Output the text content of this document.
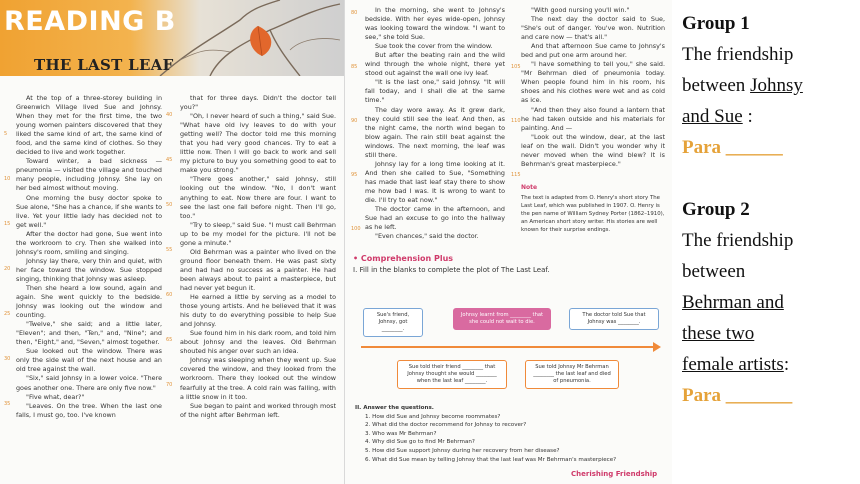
READING B
THE LAST LEAF

At the top of a three-storey building in Greenwich Village lived Sue and Johnsy. When they met for the first time, the two young women painters discovered that they liked the same kind of art, the same kind of food, and the same kind of clothes. So they decided to live and work together.

Toward winter, a bad sickness — pneumonia — visited the village and touched many people, including Johnsy. She lay on her bed almost without moving.

One morning the busy doctor spoke to Sue alone, "She has a chance, if she wants to live. Yet your little lady has decided not to get well."

After the doctor had gone, Sue went into the workroom to cry. Then she walked into Johnsy's room, smiling and singing.

Johnsy lay there, very thin and quiet, with her face toward the window. Sue stopped singing, thinking that Johnsy was asleep.

Then she heard a low sound, again and again. She went quickly to the bedside. Johnsy was looking out the window and counting.

"Twelve," she said; and a little later, "Eleven"; and then, "Ten," and, "Nine"; and then, "Eight," and, "Seven," almost together.

Sue looked out the window. There was only the side wall of the next house and an old tree against the wall.

"Six," said Johnsy in a lower voice. "There goes another one. There are only five now."

"Five what, dear?"

"Leaves. On the tree. When the last one falls, I must go, too. I've known

that for three days. Didn't the doctor tell you?"

"Oh, I never heard of such a thing," said Sue. "What have old ivy leaves to do with your getting well? The doctor told me this morning that you had very good chances. Try to eat a little now. Then I will go back to work and sell my picture to buy you something good to eat to make you strong."

"There goes another," said Johnsy, still looking out the window. "No, I don't want anything to eat. Now there are four. I want to see the last one fall before night. Then I'll go, too."

"Try to sleep," said Sue. "I must call Behrman up to be my model for the picture. I'll not be gone a minute."

Old Behrman was a painter who lived on the ground floor beneath them. He was past sixty and had had no success as a painter. He had been always about to paint a masterpiece, but had never yet begun it.

He earned a little by serving as a model to those young artists. And he believed that it was his duty to do everything possible to help Sue and Johnsy.

Sue found him in his dark room, and told him about Johnsy and the leaves. Old Behrman shouted his anger over such an idea.

Johnsy was sleeping when they went up. Sue covered the window, and they looked from the workroom. There they looked out the window fearfully at the tree. A cold rain was falling, with a little snow in it too.

Sue began to paint and worked through most of the night after Behrman left.

5
10
15
20
25
30
35
40
45
50
55
60
65
70

In the morning, she went to Johnsy's bedside. With her eyes wide-open, Johnsy was looking toward the window. "I want to see," she told Sue.

Sue took the cover from the window.

But after the beating rain and the wild wind through the whole night, there yet stood out against the wall one ivy leaf.

"It is the last one," said Johnsy. "It will fall today, and I shall die at the same time."

The day wore away. As it grew dark, they could still see the leaf. And then, as the night came, the north wind began to blow again. The rain still beat against the windows. The next morning, the leaf was still there.

Johnsy lay for a long time looking at it. And then she called to Sue, "Something has made that last leaf stay there to show me how bad I was. It is wrong to want to die. I'll try to eat now."

The doctor came in the afternoon, and Sue had an excuse to go into the hallway as he left.

"Even chances," said the doctor.

"With good nursing you'll win."

The next day the doctor said to Sue, "She's out of danger. You've won. Nutrition and care now — that's all."

And that afternoon Sue came to Johnsy's bed and put one arm around her.

"I have something to tell you," she said. "Mr Behrman died of pneumonia today. When people found him in his room, his shoes and his clothes were wet and as cold as ice.

"And then they also found a lantern that he had taken outside and his materials for painting. And —

"Look out the window, dear, at the last leaf on the wall. Didn't you wonder why it never moved when the wind blew? It is Behrman's great masterpiece."

80
85
90
95
100
105
110
115
Note
The text is adapted from O. Henry's short story The Last Leaf, which was published in 1907. O. Henry is the pen name of William Sydney Porter (1862–1910), an American short story writer. His stories are well known for their surprise endings.
• Comprehension Plus
I. Fill in the blanks to complete the plot of The Last Leaf.
Sue's friend, Johnsy, got ________.
Johnsy learnt from ________ that she could not wait to die.
The doctor told Sue that Johnsy was ________.
Sue told their friend ________ that Johnsy thought she would ________ when the last leaf ________.
Sue told Johnsy Mr Behrman ________ the last leaf and died of pneumonia.
II. Answer the questions.
1. How did Sue and Johnsy become roommates?
2. What did the doctor recommend for Johnsy to recover?
3. Who was Mr Behrman?
4. Why did Sue go to find Mr Behrman?
5. How did Sue support Johnsy during her recovery from her disease?
6. What did Sue mean by telling Johnsy that the last leaf was Mr Behrman's masterpiece?
Cherishing Friendship
Group 1
The friendship
between Johnsy
and Sue :
Para ______
Group 2
The friendship
between
Behrman and
these two
female artists:
Para _______
